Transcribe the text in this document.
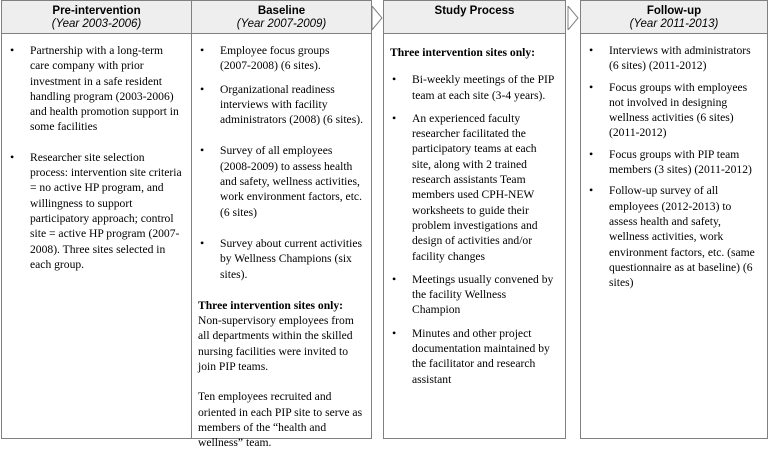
Pre-intervention
(Year 2003-2006)
• Partnership with a long-term care company with prior investment in a safe resident handling program (2003-2006) and health promotion support in some facilities
• Researcher site selection process: intervention site criteria = no active HP program, and willingness to support participatory approach; control site = active HP program (2007-2008). Three sites selected in each group.
Baseline
(Year 2007-2009)
• Employee focus groups (2007-2008) (6 sites).
• Organizational readiness interviews with facility administrators (2008) (6 sites).
• Survey of all employees (2008-2009) to assess health and safety, wellness activities, work environment factors, etc. (6 sites)
• Survey about current activities by Wellness Champions (six sites).
Three intervention sites only:

Non-supervisory employees from all departments within the skilled nursing facilities were invited to join PIP teams.

Ten employees recruited and oriented in each PIP site to serve as members of the “health and wellness” team.

Study Process
Three intervention sites only:
• Bi-weekly meetings of the PIP team at each site (3-4 years).
• An experienced faculty researcher facilitated the participatory teams at each site, along with 2 trained research assistants Team members used CPH-NEW worksheets to guide their problem investigations and design of activities and/or facility changes
• Meetings usually convened by the facility Wellness Champion
• Minutes and other project documentation maintained by the facilitator and research assistant
Follow-up
(Year 2011-2013)
• Interviews with administrators (6 sites) (2011-2012)
• Focus groups with employees not involved in designing wellness activities (6 sites) (2011-2012)
• Focus groups with PIP team members (3 sites) (2011-2012)
• Follow-up survey of all employees (2012-2013) to assess health and safety, wellness activities, work environment factors, etc. (same questionnaire as at baseline) (6 sites)
